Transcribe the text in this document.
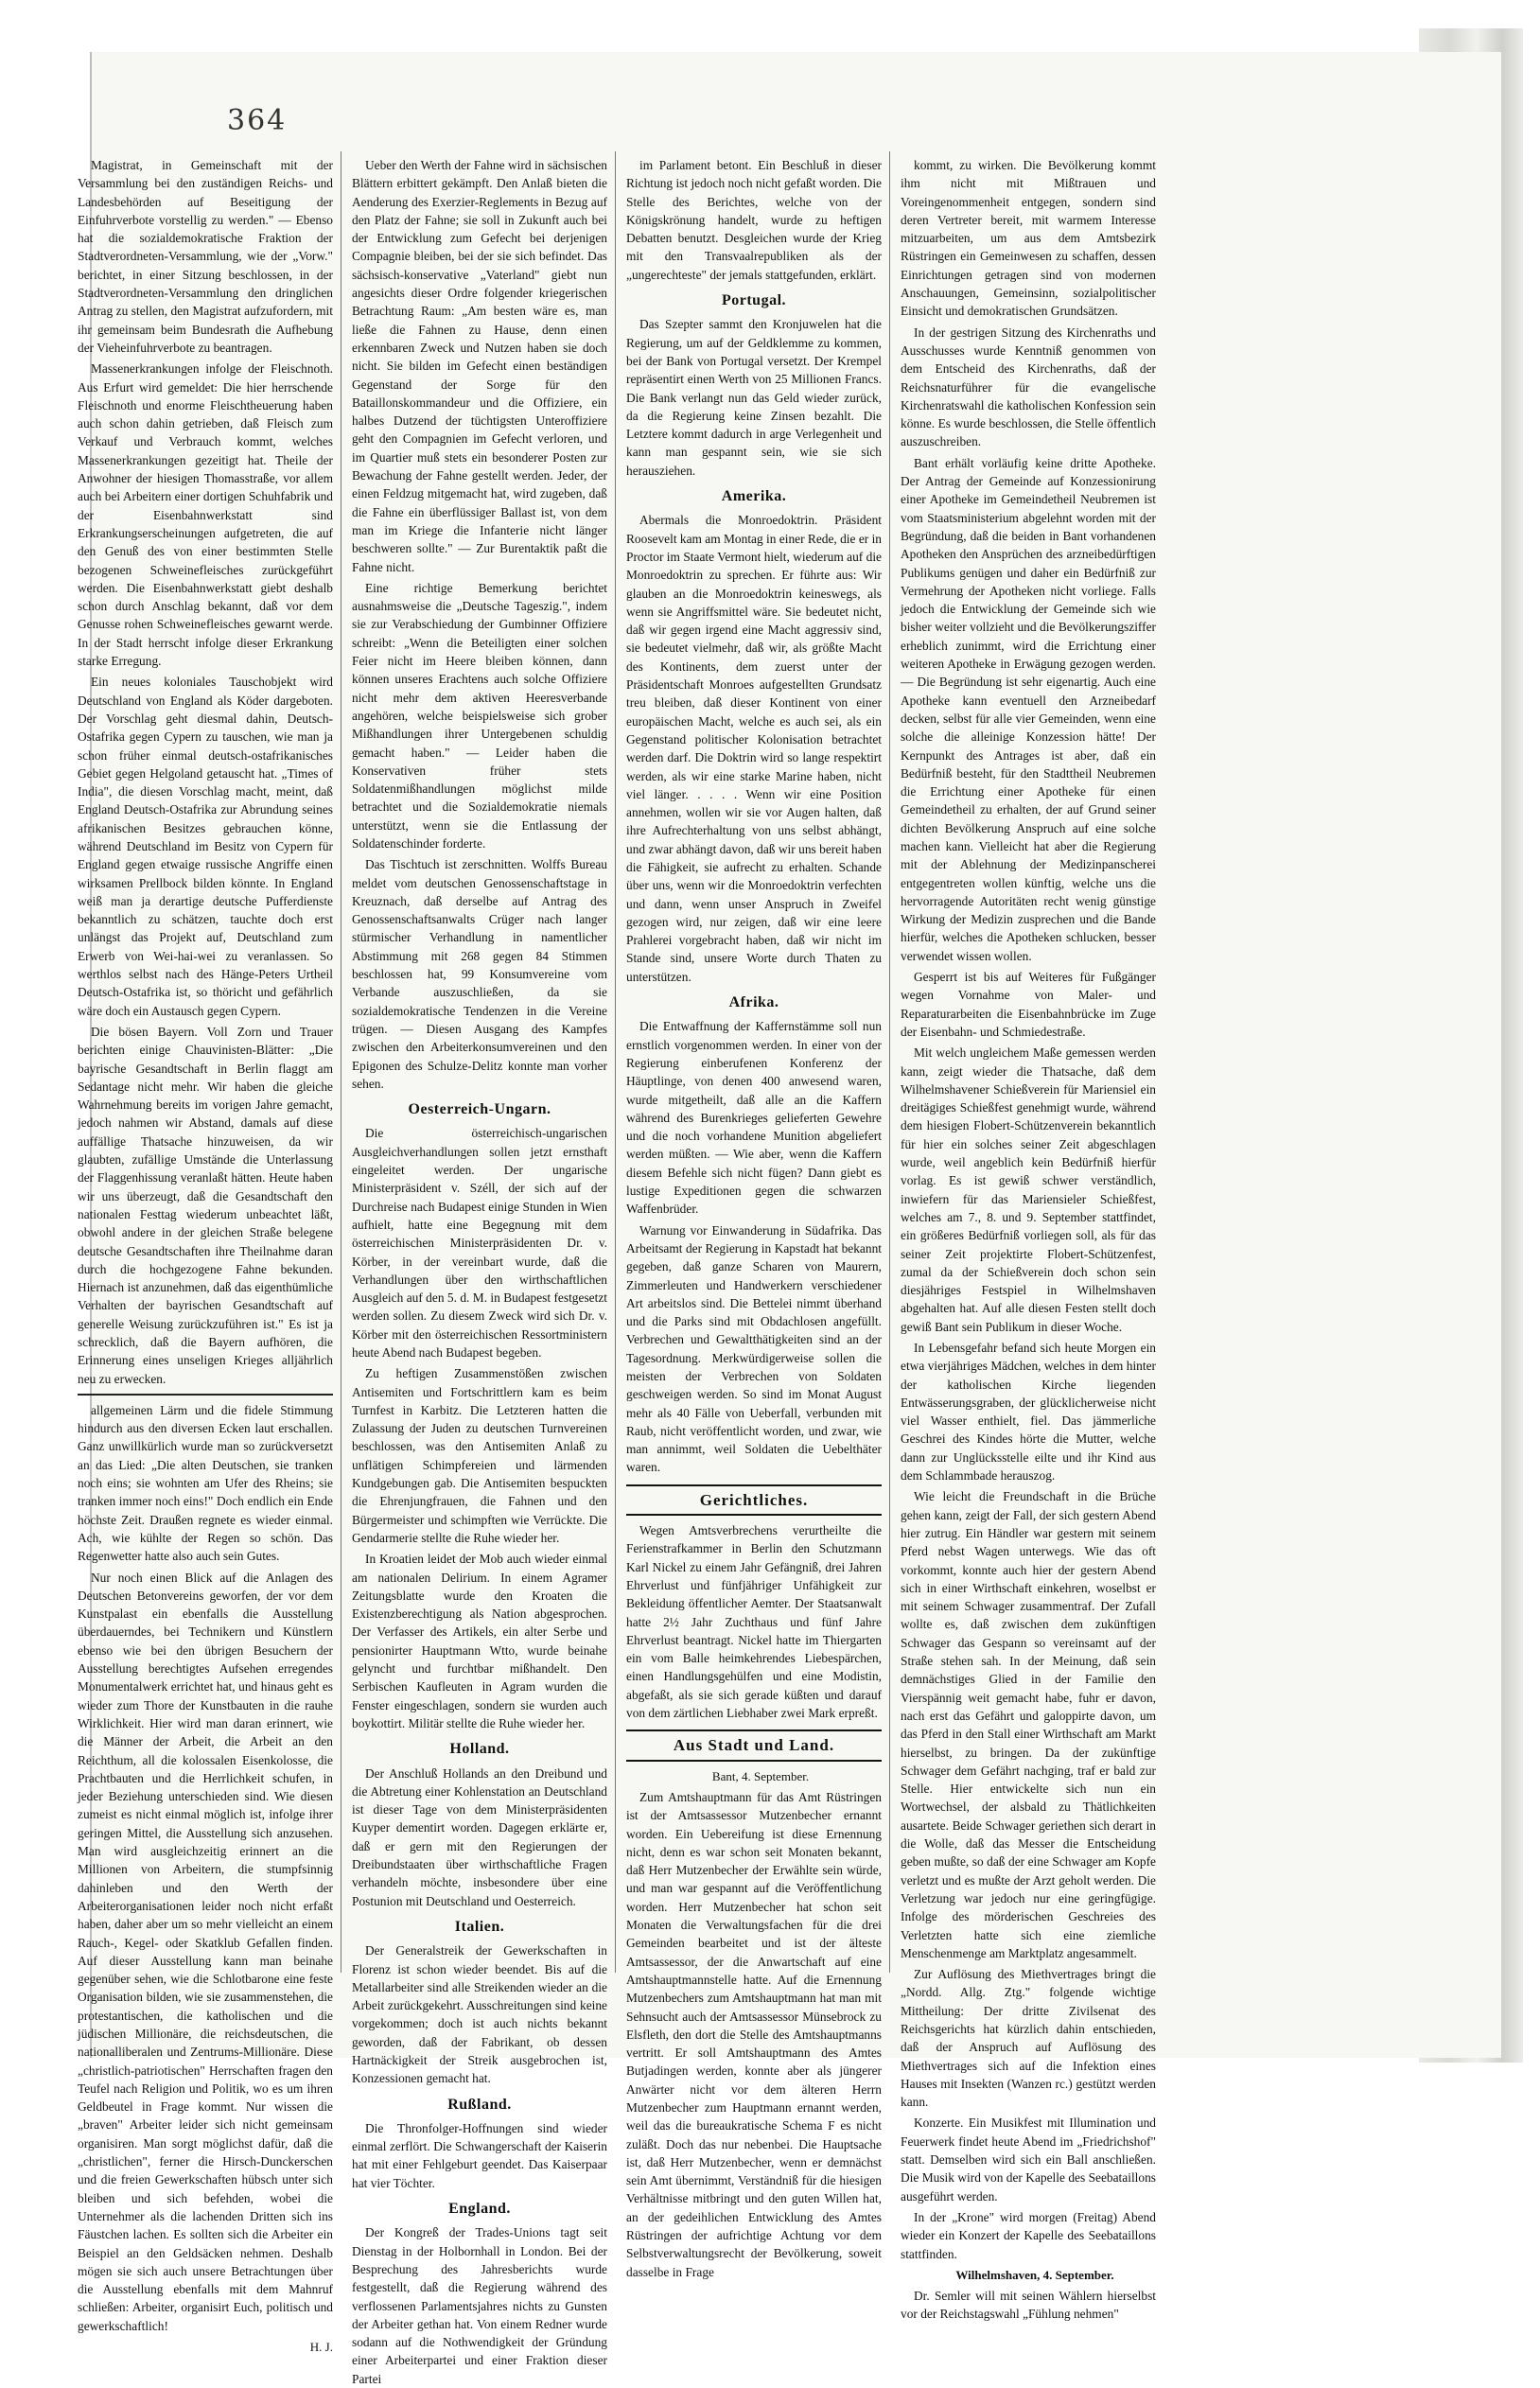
364

Magistrat, in Gemeinschaft mit der Versammlung bei den zuständigen Reichs- und Landesbehörden auf Beseitigung der Einfuhrverbote vorstellig zu werden." — Ebenso hat die sozialdemokratische Fraktion der Stadtverordneten-Versammlung, wie der „Vorw." berichtet, in einer Sitzung beschlossen, in der Stadtverordneten-Versammlung den dringlichen Antrag zu stellen, den Magistrat aufzufordern, mit ihr gemeinsam beim Bundesrath die Aufhebung der Vieheinfuhrverbote zu beantragen.

Massenerkrankungen infolge der Fleischnoth. Aus Erfurt wird gemeldet: Die hier herrschende Fleischnoth und enorme Fleischtheuerung haben auch schon dahin getrieben, daß Fleisch zum Verkauf und Verbrauch kommt, welches Massenerkrankungen gezeitigt hat. Theile der Anwohner der hiesigen Thomasstraße, vor allem auch bei Arbeitern einer dortigen Schuhfabrik und der Eisenbahnwerkstatt sind Erkrankungserscheinungen aufgetreten, die auf den Genuß des von einer bestimmten Stelle bezogenen Schweinefleisches zurückgeführt werden. Die Eisenbahnwerkstatt giebt deshalb schon durch Anschlag bekannt, daß vor dem Genusse rohen Schweinefleisches gewarnt werde. In der Stadt herrscht infolge dieser Erkrankung starke Erregung.

Ein neues koloniales Tauschobjekt wird Deutschland von England als Köder dargeboten. Der Vorschlag geht diesmal dahin, Deutsch-Ostafrika gegen Cypern zu tauschen, wie man ja schon früher einmal deutsch-ostafrikanisches Gebiet gegen Helgoland getauscht hat. „Times of India", die diesen Vorschlag macht, meint, daß England Deutsch-Ostafrika zur Abrundung seines afrikanischen Besitzes gebrauchen könne, während Deutschland im Besitz von Cypern für England gegen etwaige russische Angriffe einen wirksamen Prellbock bilden könnte. In England weiß man ja derartige deutsche Pufferdienste bekanntlich zu schätzen, tauchte doch erst unlängst das Projekt auf, Deutschland zum Erwerb von Wei-hai-wei zu veranlassen. So werthlos selbst nach des Hänge-Peters Urtheil Deutsch-Ostafrika ist, so thöricht und gefährlich wäre doch ein Austausch gegen Cypern.

Die bösen Bayern. Voll Zorn und Trauer berichten einige Chauvinisten-Blätter: „Die bayrische Gesandtschaft in Berlin flaggt am Sedantage nicht mehr. Wir haben die gleiche Wahrnehmung bereits im vorigen Jahre gemacht, jedoch nahmen wir Abstand, damals auf diese auffällige Thatsache hinzuweisen, da wir glaubten, zufällige Umstände die Unterlassung der Flaggenhissung veranlaßt hätten. Heute haben wir uns überzeugt, daß die Gesandtschaft den nationalen Festtag wiederum unbeachtet läßt, obwohl andere in der gleichen Straße belegene deutsche Gesandtschaften ihre Theilnahme daran durch die hochgezogene Fahne bekunden. Hiernach ist anzunehmen, daß das eigenthümliche Verhalten der bayrischen Gesandtschaft auf generelle Weisung zurückzuführen ist." Es ist ja schrecklich, daß die Bayern aufhören, die Erinnerung eines unseligen Krieges alljährlich neu zu erwecken.

allgemeinen Lärm und die fidele Stimmung hindurch aus den diversen Ecken laut erschallen. Ganz unwillkürlich wurde man so zurückversetzt an das Lied: „Die alten Deutschen, sie tranken noch eins; sie wohnten am Ufer des Rheins; sie tranken immer noch eins!" Doch endlich ein Ende höchste Zeit. Draußen regnete es wieder einmal. Ach, wie kühlte der Regen so schön. Das Regenwetter hatte also auch sein Gutes.

Nur noch einen Blick auf die Anlagen des Deutschen Betonvereins geworfen, der vor dem Kunstpalast ein ebenfalls die Ausstellung überdauerndes, bei Technikern und Künstlern ebenso wie bei den übrigen Besuchern der Ausstellung berechtigtes Aufsehen erregendes Monumentalwerk errichtet hat, und hinaus geht es wieder zum Thore der Kunstbauten in die rauhe Wirklichkeit. Hier wird man daran erinnert, wie die Männer der Arbeit, die Arbeit an den Reichthum, all die kolossalen Eisenkolosse, die Prachtbauten und die Herrlichkeit schufen, in jeder Beziehung unterschieden sind. Wie diesen zumeist es nicht einmal möglich ist, infolge ihrer geringen Mittel, die Ausstellung sich anzusehen. Man wird ausgleichzeitig erinnert an die Millionen von Arbeitern, die stumpfsinnig dahinleben und den Werth der Arbeiterorganisationen leider noch nicht erfaßt haben, daher aber um so mehr vielleicht an einem Rauch-, Kegel- oder Skatklub Gefallen finden. Auf dieser Ausstellung kann man beinahe gegenüber sehen, wie die Schlotbarone eine feste Organisation bilden, wie sie zusammenstehen, die protestantischen, die katholischen und die jüdischen Millionäre, die reichsdeutschen, die nationalliberalen und Zentrums-Millionäre. Diese „christlich-patriotischen" Herrschaften fragen den Teufel nach Religion und Politik, wo es um ihren Geldbeutel in Frage kommt. Nur wissen die „braven" Arbeiter leider sich nicht gemeinsam organisiren. Man sorgt möglichst dafür, daß die „christlichen", ferner die Hirsch-Dunckerschen und die freien Gewerkschaften hübsch unter sich bleiben und sich befehden, wobei die Unternehmer als die lachenden Dritten sich ins Fäustchen lachen. Es sollten sich die Arbeiter ein Beispiel an den Geldsäcken nehmen. Deshalb mögen sie sich auch unsere Betrachtungen über die Ausstellung ebenfalls mit dem Mahnruf schließen: Arbeiter, organisirt Euch, politisch und gewerkschaftlich!

H. J.

Ueber den Werth der Fahne wird in sächsischen Blättern erbittert gekämpft. Den Anlaß bieten die Aenderung des Exerzier-Reglements in Bezug auf den Platz der Fahne; sie soll in Zukunft auch bei der Entwicklung zum Gefecht bei derjenigen Compagnie bleiben, bei der sie sich befindet. Das sächsisch-konservative „Vaterland" giebt nun angesichts dieser Ordre folgender kriegerischen Betrachtung Raum: „Am besten wäre es, man ließe die Fahnen zu Hause, denn einen erkennbaren Zweck und Nutzen haben sie doch nicht. Sie bilden im Gefecht einen beständigen Gegenstand der Sorge für den Bataillonskommandeur und die Offiziere, ein halbes Dutzend der tüchtigsten Unteroffiziere geht den Compagnien im Gefecht verloren, und im Quartier muß stets ein besonderer Posten zur Bewachung der Fahne gestellt werden. Jeder, der einen Feldzug mitgemacht hat, wird zugeben, daß die Fahne ein überflüssiger Ballast ist, von dem man im Kriege die Infanterie nicht länger beschweren sollte." — Zur Burentaktik paßt die Fahne nicht.

Eine richtige Bemerkung berichtet ausnahmsweise die „Deutsche Tageszig.", indem sie zur Verabschiedung der Gumbinner Offiziere schreibt: „Wenn die Beteiligten einer solchen Feier nicht im Heere bleiben können, dann können unseres Erachtens auch solche Offiziere nicht mehr dem aktiven Heeresverbande angehören, welche beispielsweise sich grober Mißhandlungen ihrer Untergebenen schuldig gemacht haben." — Leider haben die Konservativen früher stets Soldatenmißhandlungen möglichst milde betrachtet und die Sozialdemokratie niemals unterstützt, wenn sie die Entlassung der Soldatenschinder forderte.

Das Tischtuch ist zerschnitten. Wolffs Bureau meldet vom deutschen Genossenschaftstage in Kreuznach, daß derselbe auf Antrag des Genossenschaftsanwalts Crüger nach langer stürmischer Verhandlung in namentlicher Abstimmung mit 268 gegen 84 Stimmen beschlossen hat, 99 Konsumvereine vom Verbande auszuschließen, da sie sozialdemokratische Tendenzen in die Vereine trügen. — Diesen Ausgang des Kampfes zwischen den Arbeiterkonsumvereinen und den Epigonen des Schulze-Delitz konnte man vorher sehen.

Oesterreich-Ungarn.

Die österreichisch-ungarischen Ausgleichverhandlungen sollen jetzt ernsthaft eingeleitet werden. Der ungarische Ministerpräsident v. Széll, der sich auf der Durchreise nach Budapest einige Stunden in Wien aufhielt, hatte eine Begegnung mit dem österreichischen Ministerpräsidenten Dr. v. Körber, in der vereinbart wurde, daß die Verhandlungen über den wirthschaftlichen Ausgleich auf den 5. d. M. in Budapest festgesetzt werden sollen. Zu diesem Zweck wird sich Dr. v. Körber mit den österreichischen Ressortministern heute Abend nach Budapest begeben.

Zu heftigen Zusammenstößen zwischen Antisemiten und Fortschrittlern kam es beim Turnfest in Karbitz. Die Letzteren hatten die Zulassung der Juden zu deutschen Turnvereinen beschlossen, was den Antisemiten Anlaß zu unflätigen Schimpfereien und lärmenden Kundgebungen gab. Die Antisemiten bespuckten die Ehrenjungfrauen, die Fahnen und den Bürgermeister und schimpften wie Verrückte. Die Gendarmerie stellte die Ruhe wieder her.

In Kroatien leidet der Mob auch wieder einmal am nationalen Delirium. In einem Agramer Zeitungsblatte wurde den Kroaten die Existenzberechtigung als Nation abgesprochen. Der Verfasser des Artikels, ein alter Serbe und pensionirter Hauptmann Wtto, wurde beinahe gelyncht und furchtbar mißhandelt. Den Serbischen Kaufleuten in Agram wurden die Fenster eingeschlagen, sondern sie wurden auch boykottirt. Militär stellte die Ruhe wieder her.

Holland.

Der Anschluß Hollands an den Dreibund und die Abtretung einer Kohlenstation an Deutschland ist dieser Tage von dem Ministerpräsidenten Kuyper dementirt worden. Dagegen erklärte er, daß er gern mit den Regierungen der Dreibundstaaten über wirthschaftliche Fragen verhandeln möchte, insbesondere über eine Postunion mit Deutschland und Oesterreich.

Italien.

Der Generalstreik der Gewerkschaften in Florenz ist schon wieder beendet. Bis auf die Metallarbeiter sind alle Streikenden wieder an die Arbeit zurückgekehrt. Ausschreitungen sind keine vorgekommen; doch ist auch nichts bekannt geworden, daß der Fabrikant, ob dessen Hartnäckigkeit der Streik ausgebrochen ist, Konzessionen gemacht hat.

Rußland.

Die Thronfolger-Hoffnungen sind wieder einmal zerflört. Die Schwangerschaft der Kaiserin hat mit einer Fehlgeburt geendet. Das Kaiserpaar hat vier Töchter.

England.

Der Kongreß der Trades-Unions tagt seit Dienstag in der Holbornhall in London. Bei der Besprechung des Jahresberichts wurde festgestellt, daß die Regierung während des verflossenen Parlamentsjahres nichts zu Gunsten der Arbeiter gethan hat. Von einem Redner wurde sodann auf die Nothwendigkeit der Gründung einer Arbeiterpartei und einer Fraktion dieser Partei

im Parlament betont. Ein Beschluß in dieser Richtung ist jedoch noch nicht gefaßt worden. Die Stelle des Berichtes, welche von der Königskrönung handelt, wurde zu heftigen Debatten benutzt. Desgleichen wurde der Krieg mit den Transvaalrepubliken als der „ungerechteste" der jemals stattgefunden, erklärt.

Portugal.

Das Szepter sammt den Kronjuwelen hat die Regierung, um auf der Geldklemme zu kommen, bei der Bank von Portugal versetzt. Der Krempel repräsentirt einen Werth von 25 Millionen Francs. Die Bank verlangt nun das Geld wieder zurück, da die Regierung keine Zinsen bezahlt. Die Letztere kommt dadurch in arge Verlegenheit und kann man gespannt sein, wie sie sich herausziehen.

Amerika.

Abermals die Monroedoktrin. Präsident Roosevelt kam am Montag in einer Rede, die er in Proctor im Staate Vermont hielt, wiederum auf die Monroedoktrin zu sprechen. Er führte aus: Wir glauben an die Monroedoktrin keineswegs, als wenn sie Angriffsmittel wäre. Sie bedeutet nicht, daß wir gegen irgend eine Macht aggressiv sind, sie bedeutet vielmehr, daß wir, als größte Macht des Kontinents, dem zuerst unter der Präsidentschaft Monroes aufgestellten Grundsatz treu bleiben, daß dieser Kontinent von einer europäischen Macht, welche es auch sei, als ein Gegenstand politischer Kolonisation betrachtet werden darf. Die Doktrin wird so lange respektirt werden, als wir eine starke Marine haben, nicht viel länger. . . . . Wenn wir eine Position annehmen, wollen wir sie vor Augen halten, daß ihre Aufrechterhaltung von uns selbst abhängt, und zwar abhängt davon, daß wir uns bereit haben die Fähigkeit, sie aufrecht zu erhalten. Schande über uns, wenn wir die Monroedoktrin verfechten und dann, wenn unser Anspruch in Zweifel gezogen wird, nur zeigen, daß wir eine leere Prahlerei vorgebracht haben, daß wir nicht im Stande sind, unsere Worte durch Thaten zu unterstützen.

Afrika.

Die Entwaffnung der Kaffernstämme soll nun ernstlich vorgenommen werden. In einer von der Regierung einberufenen Konferenz der Häuptlinge, von denen 400 anwesend waren, wurde mitgetheilt, daß alle an die Kaffern während des Burenkrieges gelieferten Gewehre und die noch vorhandene Munition abgeliefert werden müßten. — Wie aber, wenn die Kaffern diesem Befehle sich nicht fügen? Dann giebt es lustige Expeditionen gegen die schwarzen Waffenbrüder.

Warnung vor Einwanderung in Südafrika. Das Arbeitsamt der Regierung in Kapstadt hat bekannt gegeben, daß ganze Scharen von Maurern, Zimmerleuten und Handwerkern verschiedener Art arbeitslos sind. Die Bettelei nimmt überhand und die Parks sind mit Obdachlosen angefüllt. Verbrechen und Gewaltthätigkeiten sind an der Tagesordnung. Merkwürdigerweise sollen die meisten der Verbrechen von Soldaten geschweigen werden. So sind im Monat August mehr als 40 Fälle von Ueberfall, verbunden mit Raub, nicht veröffentlicht worden, und zwar, wie man annimmt, weil Soldaten die Uebelthäter waren.

Gerichtliches.

Wegen Amtsverbrechens verurtheilte die Ferienstrafkammer in Berlin den Schutzmann Karl Nickel zu einem Jahr Gefängniß, drei Jahren Ehrverlust und fünfjähriger Unfähigkeit zur Bekleidung öffentlicher Aemter. Der Staatsanwalt hatte 2½ Jahr Zuchthaus und fünf Jahre Ehrverlust beantragt. Nickel hatte im Thiergarten ein vom Balle heimkehrendes Liebespärchen, einen Handlungsgehülfen und eine Modistin, abgefaßt, als sie sich gerade küßten und darauf von dem zärtlichen Liebhaber zwei Mark erpreßt.

Aus Stadt und Land.

Bant, 4. September.

Zum Amtshauptmann für das Amt Rüstringen ist der Amtsassessor Mutzenbecher ernannt worden. Ein Uebereifung ist diese Ernennung nicht, denn es war schon seit Monaten bekannt, daß Herr Mutzenbecher der Erwählte sein würde, und man war gespannt auf die Veröffentlichung worden. Herr Mutzenbecher hat schon seit Monaten die Verwaltungsfachen für die drei Gemeinden bearbeitet und ist der älteste Amtsassessor, der die Anwartschaft auf eine Amtshauptmannstelle hatte. Auf die Ernennung Mutzenbechers zum Amtshauptmann hat man mit Sehnsucht auch der Amtsassessor Münsebrock zu Elsfleth, den dort die Stelle des Amtshauptmanns vertritt. Er soll Amtshauptmann des Amtes Butjadingen werden, konnte aber als jüngerer Anwärter nicht vor dem älteren Herrn Mutzenbecher zum Hauptmann ernannt werden, weil das die bureaukratische Schema F es nicht zuläßt. Doch das nur nebenbei. Die Hauptsache ist, daß Herr Mutzenbecher, wenn er demnächst sein Amt übernimmt, Verständniß für die hiesigen Verhältnisse mitbringt und den guten Willen hat, an der gedeihlichen Entwicklung des Amtes Rüstringen der aufrichtige Achtung vor dem Selbstverwaltungsrecht der Bevölkerung, soweit dasselbe in Frage

kommt, zu wirken. Die Bevölkerung kommt ihm nicht mit Mißtrauen und Voreingenommenheit entgegen, sondern sind deren Vertreter bereit, mit warmem Interesse mitzuarbeiten, um aus dem Amtsbezirk Rüstringen ein Gemeinwesen zu schaffen, dessen Einrichtungen getragen sind von modernen Anschauungen, Gemeinsinn, sozialpolitischer Einsicht und demokratischen Grundsätzen.

In der gestrigen Sitzung des Kirchenraths und Ausschusses wurde Kenntniß genommen von dem Entscheid des Kirchenraths, daß der Reichsnaturführer für die evangelische Kirchenratswahl die katholischen Konfession sein könne. Es wurde beschlossen, die Stelle öffentlich auszuschreiben.

Bant erhält vorläufig keine dritte Apotheke. Der Antrag der Gemeinde auf Konzessionirung einer Apotheke im Gemeindetheil Neubremen ist vom Staatsministerium abgelehnt worden mit der Begründung, daß die beiden in Bant vorhandenen Apotheken den Ansprüchen des arzneibedürftigen Publikums genügen und daher ein Bedürfniß zur Vermehrung der Apotheken nicht vorliege. Falls jedoch die Entwicklung der Gemeinde sich wie bisher weiter vollzieht und die Bevölkerungsziffer erheblich zunimmt, wird die Errichtung einer weiteren Apotheke in Erwägung gezogen werden. — Die Begründung ist sehr eigenartig. Auch eine Apotheke kann eventuell den Arzneibedarf decken, selbst für alle vier Gemeinden, wenn eine solche die alleinige Konzession hätte! Der Kernpunkt des Antrages ist aber, daß ein Bedürfniß besteht, für den Stadttheil Neubremen die Errichtung einer Apotheke für einen Gemeindetheil zu erhalten, der auf Grund seiner dichten Bevölkerung Anspruch auf eine solche machen kann. Vielleicht hat aber die Regierung mit der Ablehnung der Medizinpanscherei entgegentreten wollen künftig, welche uns die hervorragende Autoritäten recht wenig günstige Wirkung der Medizin zusprechen und die Bande hierfür, welches die Apotheken schlucken, besser verwendet wissen wollen.

Gesperrt ist bis auf Weiteres für Fußgänger wegen Vornahme von Maler- und Reparaturarbeiten die Eisenbahnbrücke im Zuge der Eisenbahn- und Schmiedestraße.

Mit welch ungleichem Maße gemessen werden kann, zeigt wieder die Thatsache, daß dem Wilhelmshavener Schießverein für Mariensiel ein dreitägiges Schießfest genehmigt wurde, während dem hiesigen Flobert-Schützenverein bekanntlich für hier ein solches seiner Zeit abgeschlagen wurde, weil angeblich kein Bedürfniß hierfür vorlag. Es ist gewiß schwer verständlich, inwiefern für das Mariensieler Schießfest, welches am 7., 8. und 9. September stattfindet, ein größeres Bedürfniß vorliegen soll, als für das seiner Zeit projektirte Flobert-Schützenfest, zumal da der Schießverein doch schon sein diesjähriges Festspiel in Wilhelmshaven abgehalten hat. Auf alle diesen Festen stellt doch gewiß Bant sein Publikum in dieser Woche.

In Lebensgefahr befand sich heute Morgen ein etwa vierjähriges Mädchen, welches in dem hinter der katholischen Kirche liegenden Entwässerungsgraben, der glücklicherweise nicht viel Wasser enthielt, fiel. Das jämmerliche Geschrei des Kindes hörte die Mutter, welche dann zur Unglücksstelle eilte und ihr Kind aus dem Schlammbade herauszog.

Wie leicht die Freundschaft in die Brüche gehen kann, zeigt der Fall, der sich gestern Abend hier zutrug. Ein Händler war gestern mit seinem Pferd nebst Wagen unterwegs. Wie das oft vorkommt, konnte auch hier der gestern Abend sich in einer Wirthschaft einkehren, woselbst er mit seinem Schwager zusammentraf. Der Zufall wollte es, daß zwischen dem zukünftigen Schwager das Gespann so vereinsamt auf der Straße stehen sah. In der Meinung, daß sein demnächstiges Glied in der Familie den Vierspännig weit gemacht habe, fuhr er davon, nach erst das Gefährt und galoppirte davon, um das Pferd in den Stall einer Wirthschaft am Markt hierselbst, zu bringen. Da der zukünftige Schwager dem Gefährt nachging, traf er bald zur Stelle. Hier entwickelte sich nun ein Wortwechsel, der alsbald zu Thätlichkeiten ausartete. Beide Schwager geriethen sich derart in die Wolle, daß das Messer die Entscheidung geben mußte, so daß der eine Schwager am Kopfe verletzt und es mußte der Arzt geholt werden. Die Verletzung war jedoch nur eine geringfügige. Infolge des mörderischen Geschreies des Verletzten hatte sich eine ziemliche Menschenmenge am Marktplatz angesammelt.

Zur Auflösung des Miethvertrages bringt die „Nordd. Allg. Ztg." folgende wichtige Mittheilung: Der dritte Zivilsenat des Reichsgerichts hat kürzlich dahin entschieden, daß der Anspruch auf Auflösung des Miethvertrages sich auf die Infektion eines Hauses mit Insekten (Wanzen rc.) gestützt werden kann.

Konzerte. Ein Musikfest mit Illumination und Feuerwerk findet heute Abend im „Friedrichshof" statt. Demselben wird sich ein Ball anschließen. Die Musik wird von der Kapelle des Seebataillons ausgeführt werden.

In der „Krone" wird morgen (Freitag) Abend wieder ein Konzert der Kapelle des Seebataillons stattfinden.

Wilhelmshaven, 4. September.

Dr. Semler will mit seinen Wählern hierselbst vor der Reichstagswahl „Fühlung nehmen"
